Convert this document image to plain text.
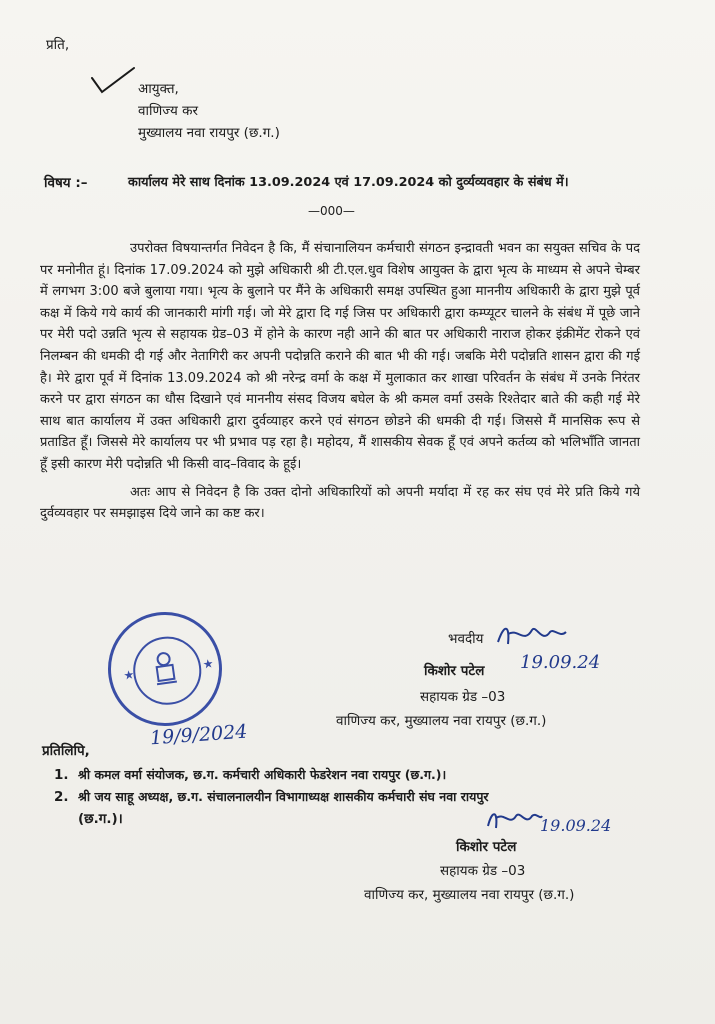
प्रति,
आयुक्त,
वाणिज्य कर
मुख्यालय नवा रायपुर (छ.ग.)
विषय :–	कार्यालय मेरे साथ दिनांक 13.09.2024 एवं 17.09.2024 को दुर्व्यव्यवहार के संबंध में।
—000—

उपरोक्त विषयान्तर्गत निवेदन है कि, मैं संचानालियन कर्मचारी संगठन इन्द्रावती भवन का सयुक्त सचिव के पद पर मनोनीत हूं। दिनांक 17.09.2024 को मुझे अधिकारी श्री टी.एल.धुव विशेष आयुक्त के द्वारा भृत्य के माध्यम से अपने चेम्बर में लगभग 3:00 बजे बुलाया गया। भृत्य के बुलाने पर मैंने के अधिकारी समक्ष उपस्थित हुआ माननीय अधिकारी के द्वारा मुझे पूर्व कक्ष में किये गये कार्य की जानकारी मांगी गई। जो मेरे द्वारा दि गई जिस पर अधिकारी द्वारा कम्प्यूटर चालने के संबंध में पूछे जाने पर मेरी पदो उन्नति भृत्य से सहायक ग्रेड–03 में होने के कारण नही आने की बात पर अधिकारी नाराज होकर इंक्रीमेंट रोकने एवं निलम्बन की धमकी दी गई और नेतागिरी कर अपनी पदोन्नति कराने की बात भी की गई। जबकि मेरी पदोन्नति शासन द्वारा की गई है। मेरे द्वारा पूर्व में दिनांक 13.09.2024 को श्री नरेन्द्र वर्मा के कक्ष में मुलाकात कर शाखा परिवर्तन के संबंध में उनके निरंतर करने पर द्वारा संगठन का धौस दिखाने एवं माननीय संसद विजय बघेल के श्री कमल वर्मा उसके रिश्तेदार बाते की कही गई मेरे साथ बात कार्यालय में उक्त अधिकारी द्वारा दुर्वव्याहर करने एवं संगठन छोडने की धमकी दी गई। जिससे मैं मानसिक रूप से प्रताडित हूँ। जिससे मेरे कार्यालय पर भी प्रभाव पड़ रहा है। महोदय, मैं शासकीय सेवक हूँ एवं अपने कर्तव्य को भलिभाँति जानता हूँ इसी कारण मेरी पदोन्नति भी किसी वाद–विवाद के हूई।

अतः आप से निवेदन है कि उक्त दोनो अधिकारियों को अपनी मर्यादा में रह कर संघ एवं मेरे प्रति किये गये दुर्वव्यवहार पर समझाइस दिये जाने का कष्ट कर।

★
★
19/9/2024
भवदीय
किशोर पटेल 19.09.24
सहायक ग्रेड –03
वाणिज्य कर, मुख्यालय नवा रायपुर (छ.ग.)
प्रतिलिपि,
1. श्री कमल वर्मा संयोजक, छ.ग. कर्मचारी अधिकारी फेडरेशन नवा रायपुर (छ.ग.)।
2. श्री जय साहू अध्यक्ष, छ.ग. संचालनालयीन विभागाध्यक्ष शासकीय कर्मचारी संघ नवा रायपुर
(छ.ग.)।	19.09.24
किशोर पटेल
सहायक ग्रेड –03
वाणिज्य कर, मुख्यालय नवा रायपुर (छ.ग.)
